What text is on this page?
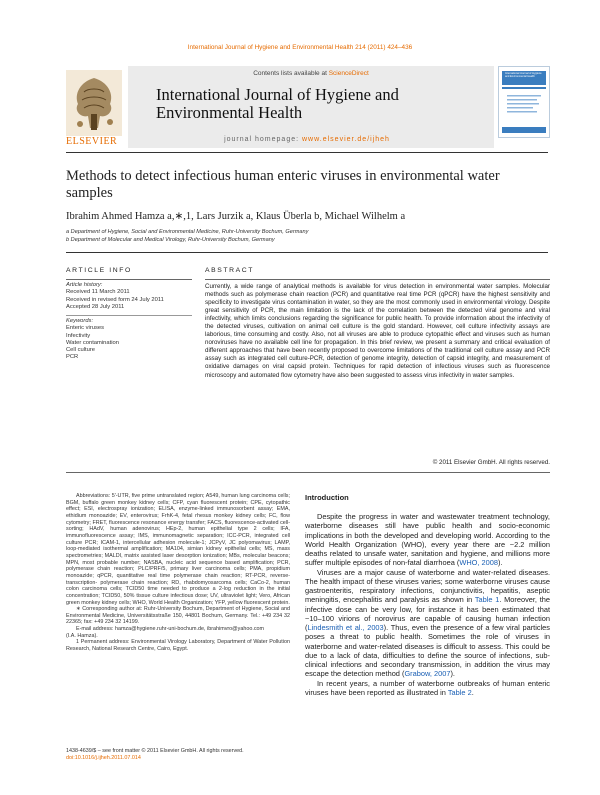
International Journal of Hygiene and Environmental Health 214 (2011) 424–436
ELSEVIER
Contents lists available at ScienceDirect
International Journal of Hygiene and
Environmental Health
journal homepage: www.elsevier.de/ijheh
International Journal of Hygiene and Environmental Health
Methods to detect infectious human enteric viruses in environmental water
samples
Ibrahim Ahmed Hamza a,∗,1, Lars Jurzik a, Klaus Überla b, Michael Wilhelm a
a Department of Hygiene, Social and Environmental Medicine, Ruhr-University Bochum, Germany
b Department of Molecular and Medical Virology, Ruhr-University Bochum, Germany
ARTICLE INFO	ABSTRACT
Article history:
Received 11 March 2011
Received in revised form 24 July 2011
Accepted 28 July 2011
Keywords:
Enteric viruses
Infectivity
Water contamination
Cell culture
PCR
Currently, a wide range of analytical methods is available for virus detection in environmental water samples. Molecular methods such as polymerase chain reaction (PCR) and quantitative real time PCR (qPCR) have the highest sensitivity and specificity to investigate virus contamination in water, so they are the most commonly used in environmental virology. Despite great sensitivity of PCR, the main limitation is the lack of the correlation between the detected viral genome and viral infectivity, which limits conclusions regarding the significance for public health. To provide information about the infectivity of the detected viruses, cultivation on animal cell culture is the gold standard. However, cell culture infectivity assays are laborious, time consuming and costly. Also, not all viruses are able to produce cytopathic effect and viruses such as human noroviruses have no available cell line for propagation. In this brief review, we present a summary and critical evaluation of different approaches that have been recently proposed to overcome limitations of the traditional cell culture assay and PCR assay such as integrated cell culture-PCR, detection of genome integrity, detection of capsid integrity, and measurement of oxidative damages on viral capsid protein. Techniques for rapid detection of infectious viruses such as fluorescence microscopy and automated flow cytometry have also been suggested to assess virus infectivity in water samples.
© 2011 Elsevier GmbH. All rights reserved.

Abbreviations: 5′-UTR, five prime untranslated region; A549, human lung carcinoma cells; BGM, buffalo green monkey kidney cells; CFP, cyan fluorescent protein; CPE, cytopathic effect; ESI, electrospray ionization; ELISA, enzyme-linked immunosorbent assay; EMA, ethidium monoazide; EV, enterovirus; FrhK-4, fetal rhesus monkey kidney cells; FC, flow cytometry; FRET, fluorescence resonance energy transfer; FACS, fluorescence-activated cell-sorting; HAdV, human adenovirus; HEp-2, human epithelial type 2 cells; IFA, immunofluorescence assay; IMS, immunomagnetic separation; ICC-PCR, integrated cell culture PCR; ICAM-1, intercellular adhesion molecule-1; JCPyV, JC polyomavirus; LAMP, loop-mediated isothermal amplification; MA104, simian kidney epithelial cells; MS, mass spectrometries; MALDI, matrix assisted laser desorption ionization; MBs, molecular beacons; MPN, most probable number; NASBA, nucleic acid sequence based amplification; PCR, polymerase chain reaction; PLC/PRF/5, primary liver carcinoma cells; PMA, propidium monoazide; qPCR, quantitative real time polymerase chain reaction; RT-PCR, reverse-transcription- polymerase chain reaction; RD, rhabdomyosarcoma cells; CaCo-2, human colon carcinoma cells; TCID50 time needed to produce a 2-log reduction in the initial concentration; TCID50, 50% tissue culture infectious dose; UV, ultraviolet light; Vero, African green monkey kidney cells; WHO, World Health Organization; YFP, yellow fluorescent protein.

∗ Corresponding author at: Ruhr-University Bochum, Department of Hygiene, Social and Environmental Medicine, Universitätsstraße 150, 44801 Bochum, Germany. Tel.: +49 234 32 22365; fax: +49 234 32 14199.

E-mail address: hamza@hygiene.ruhr-uni-bochum.de, ibrahimvro@yahoo.com

(I.A. Hamza).

1 Permanent address: Environmental Virology Laboratory, Department of Water Pollution Research, National Research Centre, Cairo, Egypt.

1438-4639/$ – see front matter © 2011 Elsevier GmbH. All rights reserved.
doi:10.1016/j.ijheh.2011.07.014
Introduction

Despite the progress in water and wastewater treatment technology, waterborne diseases still have public health and socio-economic implications in both the developed and developing world. According to the World Health Organization (WHO), every year there are ~2.2 million deaths related to unsafe water, sanitation and hygiene, and millions more suffer multiple episodes of non-fatal diarrhoea (WHO, 2008).

Viruses are a major cause of waterborne and water-related diseases. The health impact of these viruses varies; some waterborne viruses cause gastroenteritis, respiratory infections, conjunctivitis, hepatitis, aseptic meningitis, encephalitis and paralysis as shown in Table 1. Moreover, the infective dose can be very low, for instance it has been estimated that ~10–100 virions of norovirus are capable of causing human infection (Lindesmith et al., 2003). Thus, even the presence of a few viral particles poses a threat to public health. Sometimes the role of viruses in waterborne and water-related diseases is difficult to assess. This could be due to a lack of data, difficulties to define the source of infections, sub-clinical infections and secondary transmission, in addition the virus may escape the detection method (Grabow, 2007).

In recent years, a number of waterborne outbreaks of human enteric viruses have been reported as illustrated in Table 2.
